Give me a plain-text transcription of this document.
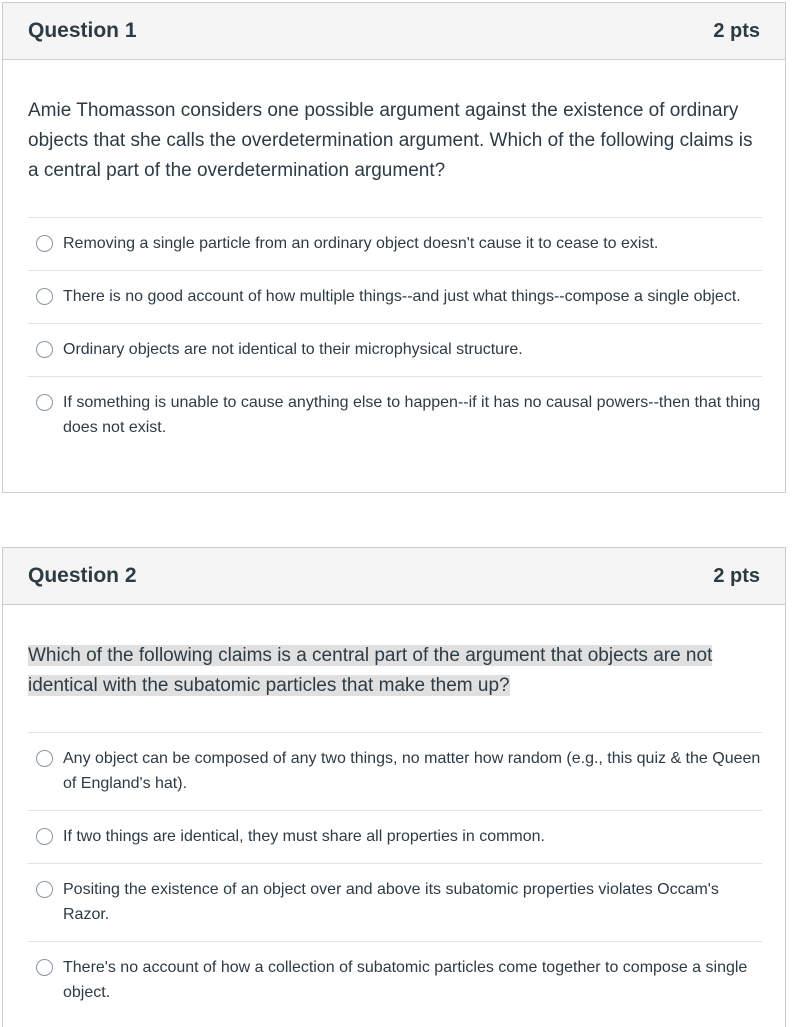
Question 1	2 pts
Amie Thomasson considers one possible argument against the existence of ordinary objects that she calls the overdetermination argument. Which of the following claims is a central part of the overdetermination argument?
Removing a single particle from an ordinary object doesn't cause it to cease to exist.
There is no good account of how multiple things--and just what things--compose a single object.
Ordinary objects are not identical to their microphysical structure.
If something is unable to cause anything else to happen--if it has no causal powers--then that thing does not exist.
Question 2	2 pts
Which of the following claims is a central part of the argument that objects are not identical with the subatomic particles that make them up?
Any object can be composed of any two things, no matter how random (e.g., this quiz & the Queen of England's hat).
If two things are identical, they must share all properties in common.
Positing the existence of an object over and above its subatomic properties violates Occam's Razor.
There's no account of how a collection of subatomic particles come together to compose a single object.
